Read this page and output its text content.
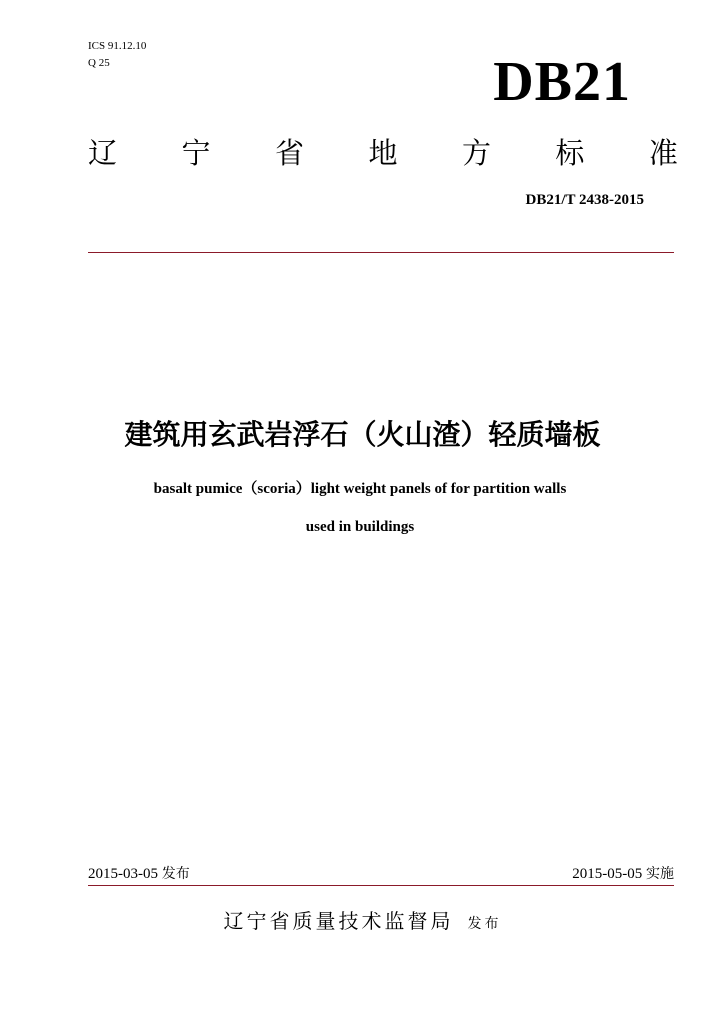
ICS 91.12.10
Q 25	DB21
辽 宁 省 地 方 标 准
DB21/T 2438-2015
建筑用玄武岩浮石（火山渣）轻质墙板
basalt pumice（scoria）light weight panels of for partition walls
used in buildings
2015-03-05 发布	2015-05-05 实施
辽宁省质量技术监督局 发布
